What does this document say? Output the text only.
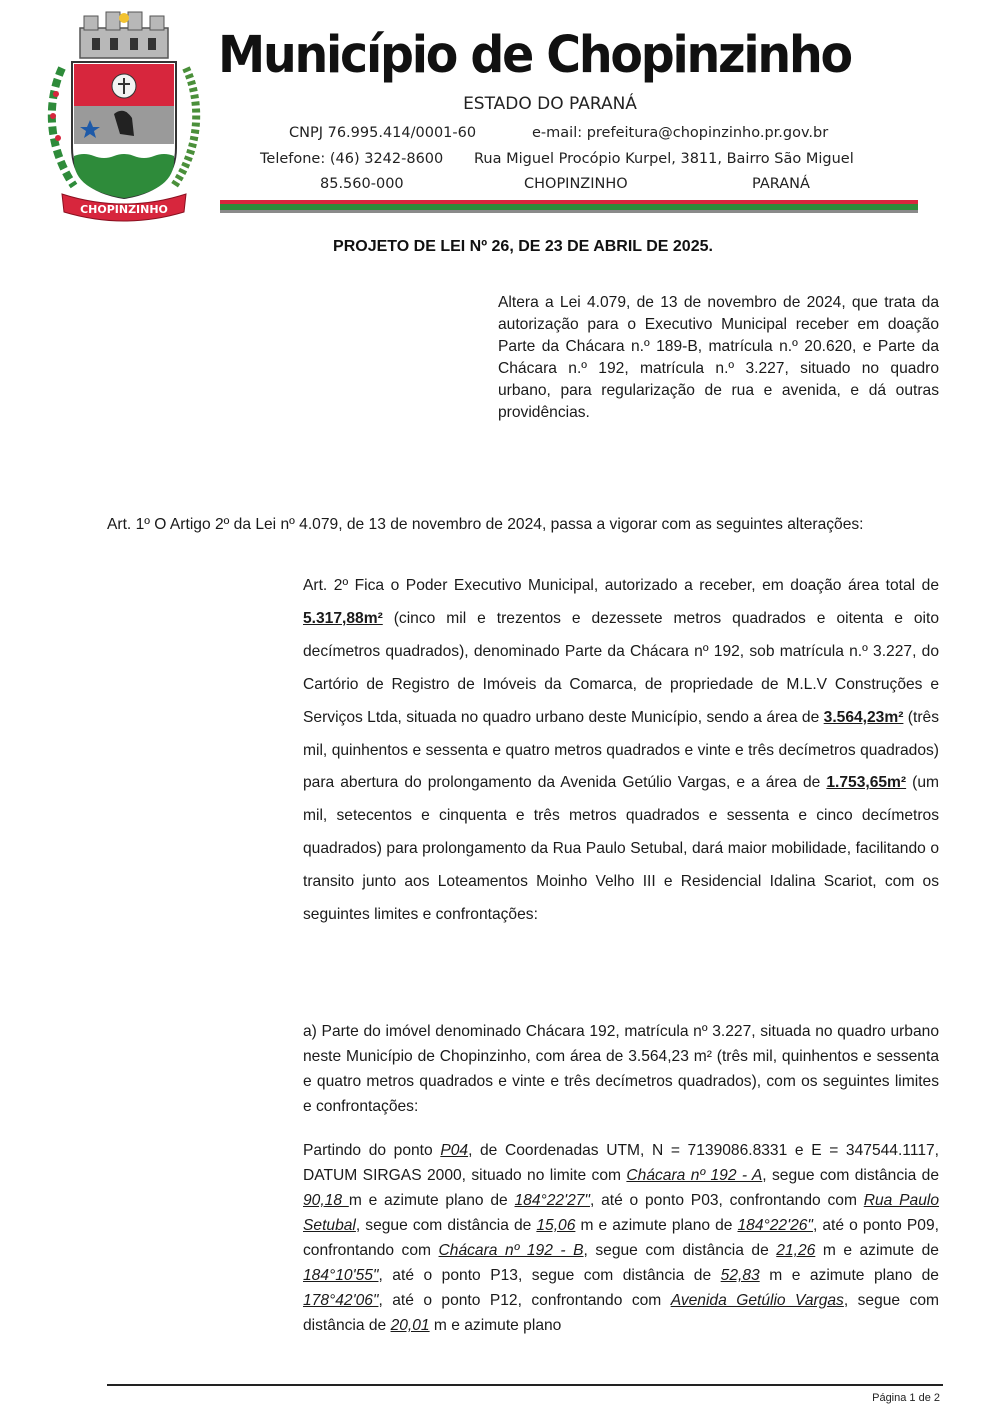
CHOPINZINHO
Município de Chopinzinho
ESTADO DO PARANÁ
CNPJ 76.995.414/0001-60	e-mail: prefeitura@chopinzinho.pr.gov.br
Telefone: (46) 3242-8600 Rua Miguel Procópio Kurpel, 3811, Bairro São Miguel
85.560-000	CHOPINZINHO	PARANÁ
PROJETO DE LEI Nº 26, DE 23 DE ABRIL DE 2025.
Altera a Lei 4.079, de 13 de novembro de 2024, que trata da autorização para o Executivo Municipal receber em doação Parte da Chácara n.º 189-B, matrícula n.º 20.620, e Parte da Chácara n.º 192, matrícula n.º 3.227, situado no quadro urbano, para regularização de rua e avenida, e dá outras providências.
Art. 1º O Artigo 2º da Lei nº 4.079, de 13 de novembro de 2024, passa a vigorar com as seguintes alterações:
Art. 2º Fica o Poder Executivo Municipal, autorizado a receber, em doação área total de 5.317,88m² (cinco mil e trezentos e dezessete metros quadrados e oitenta e oito decímetros quadrados), denominado Parte da Chácara nº 192, sob matrícula n.º 3.227, do Cartório de Registro de Imóveis da Comarca, de propriedade de M.L.V Construções e Serviços Ltda, situada no quadro urbano deste Município, sendo a área de 3.564,23m² (três mil, quinhentos e sessenta e quatro metros quadrados e vinte e três decímetros quadrados) para abertura do prolongamento da Avenida Getúlio Vargas, e a área de 1.753,65m² (um mil, setecentos e cinquenta e três metros quadrados e sessenta e cinco decímetros quadrados) para prolongamento da Rua Paulo Setubal, dará maior mobilidade, facilitando o transito junto aos Loteamentos Moinho Velho III e Residencial Idalina Scariot, com os seguintes limites e confrontações:
a) Parte do imóvel denominado Chácara 192, matrícula nº 3.227, situada no quadro urbano neste Município de Chopinzinho, com área de 3.564,23 m² (três mil, quinhentos e sessenta e quatro metros quadrados e vinte e três decímetros quadrados), com os seguintes limites e confrontações:
Partindo do ponto P04, de Coordenadas UTM, N = 7139086.8331 e E = 347544.1117, DATUM SIRGAS 2000, situado no limite com Chácara nº 192 - A, segue com distância de 90,18 m e azimute plano de 184°22'27", até o ponto P03, confrontando com Rua Paulo Setubal, segue com distância de 15,06 m e azimute plano de 184°22'26", até o ponto P09, confrontando com Chácara nº 192 - B, segue com distância de 21,26 m e azimute de 184°10'55", até o ponto P13, segue com distância de 52,83 m e azimute plano de 178°42'06", até o ponto P12, confrontando com Avenida Getúlio Vargas, segue com distância de 20,01 m e azimute plano
Página 1 de 2
